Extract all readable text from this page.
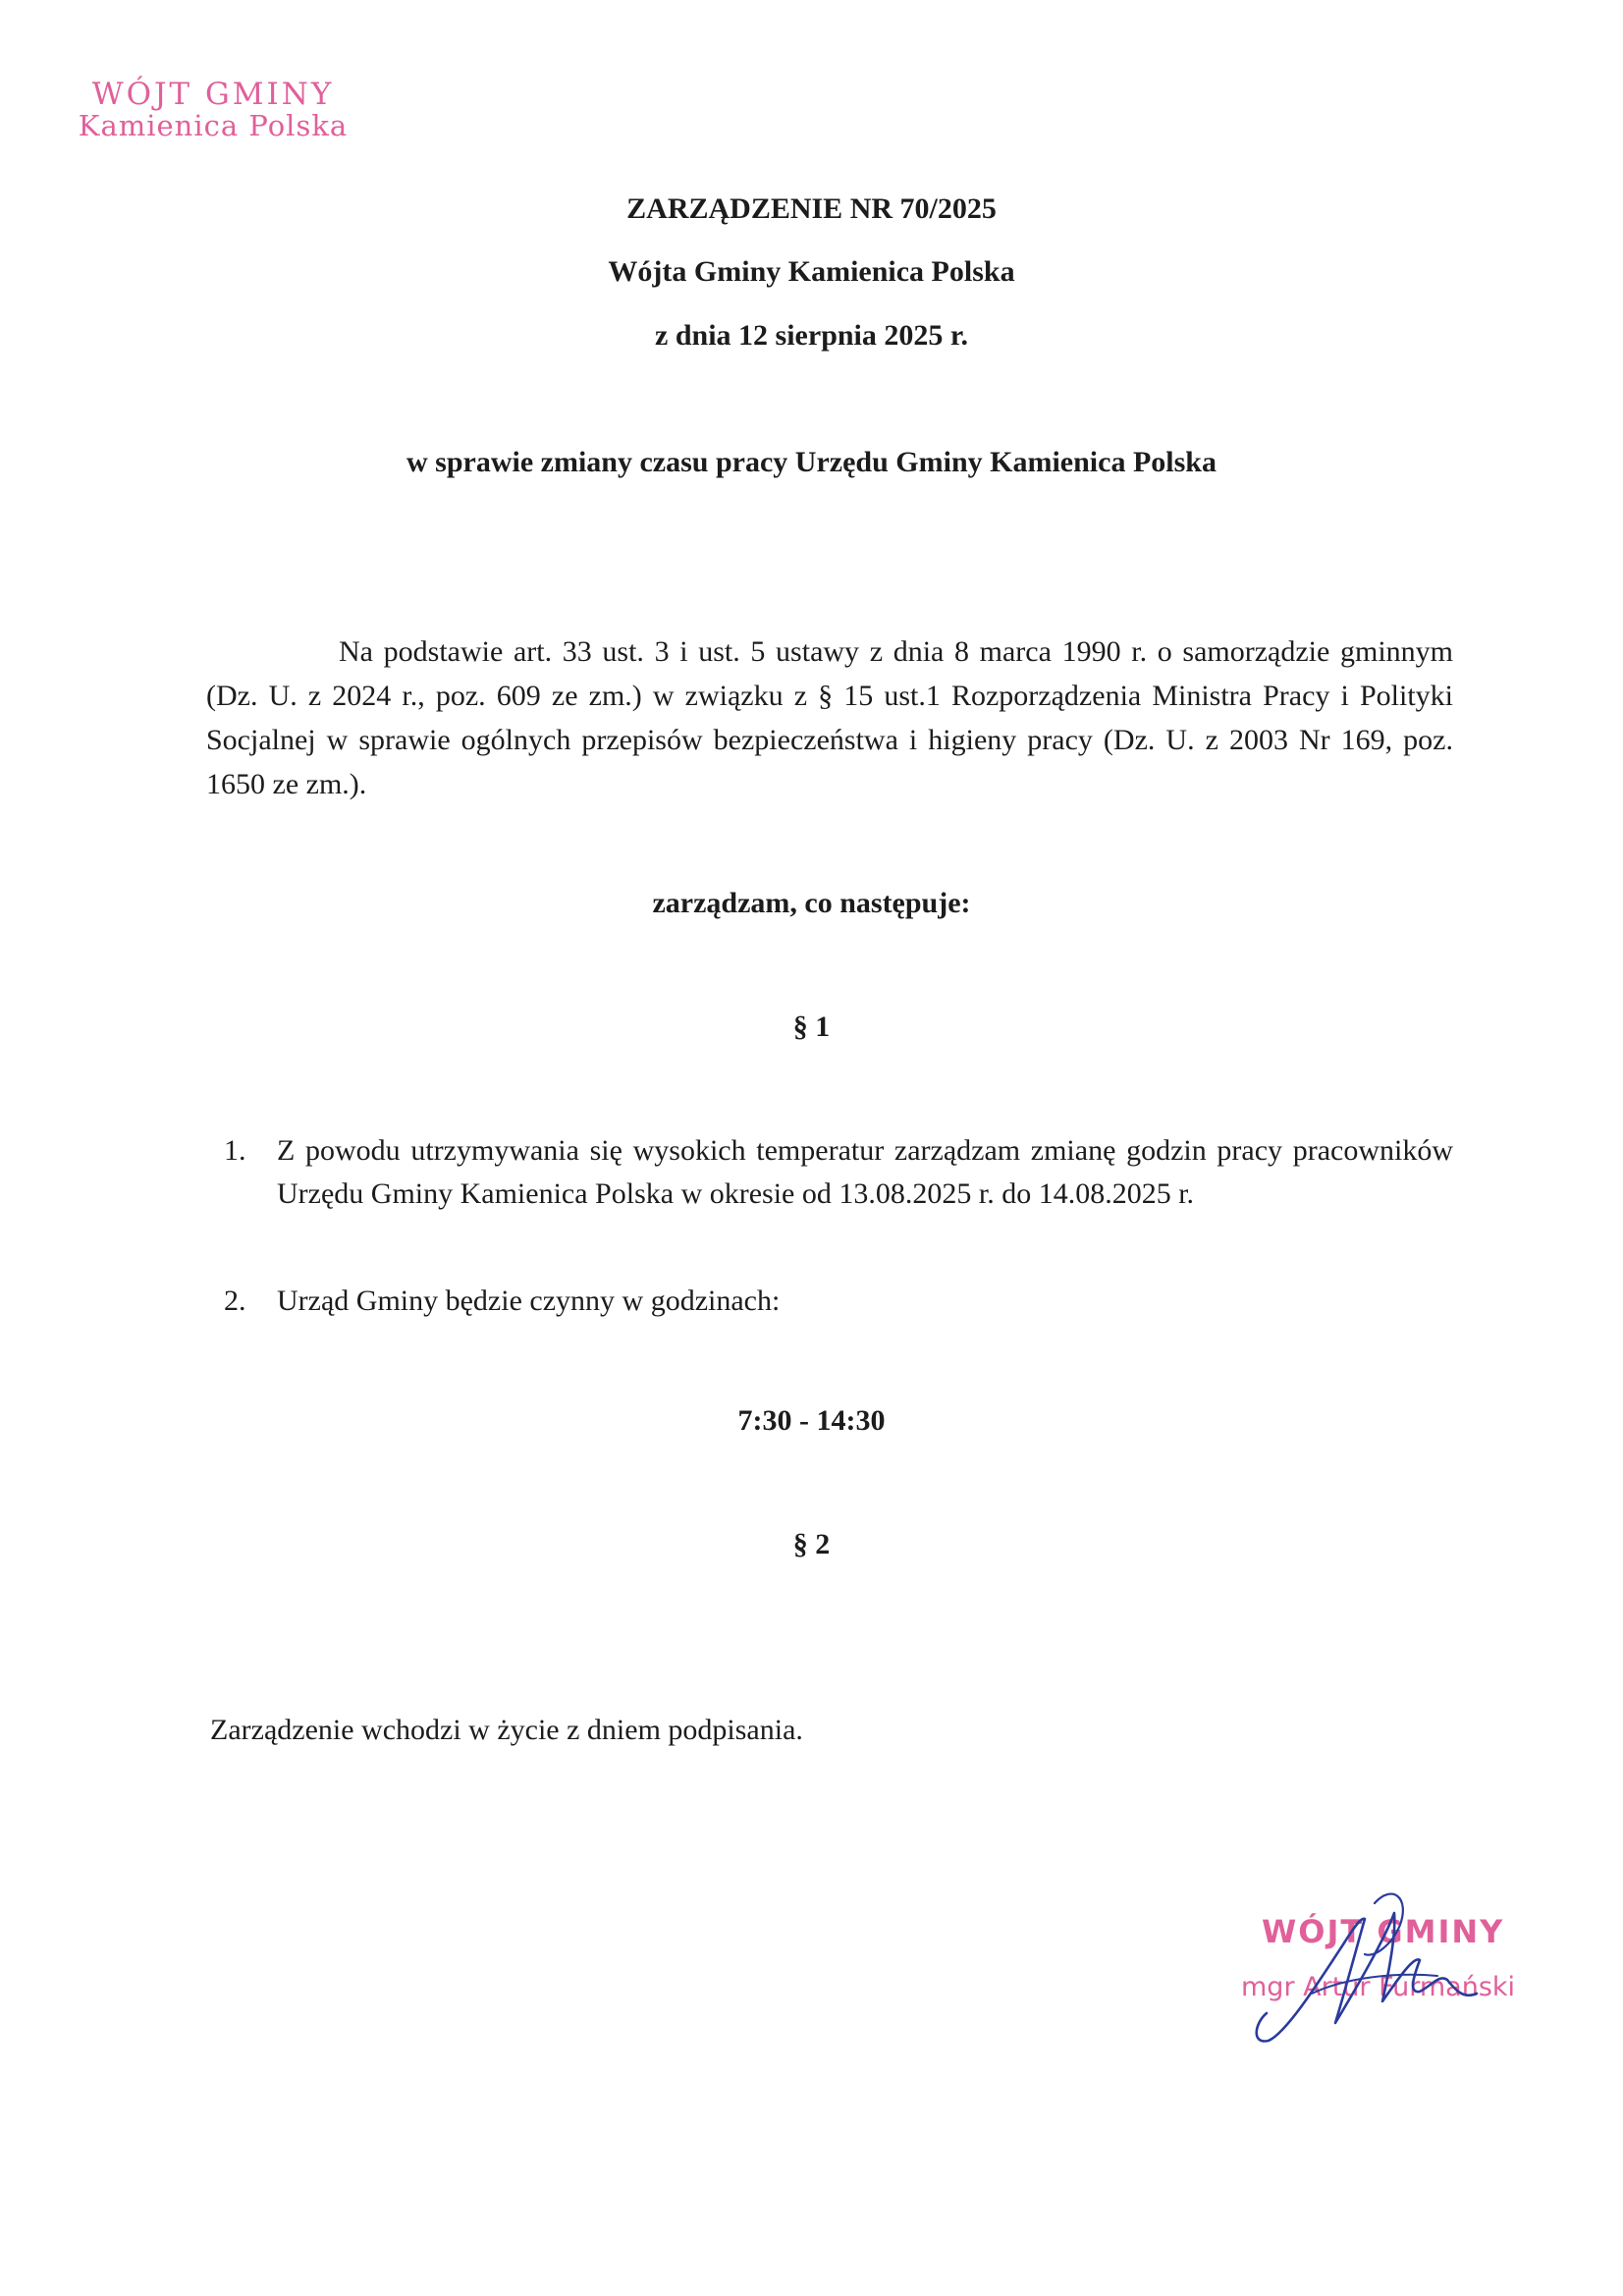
WÓJT GMINY
Kamienica Polska
ZARZĄDZENIE NR 70/2025
Wójta Gminy Kamienica Polska
z dnia 12 sierpnia 2025 r.
w sprawie zmiany czasu pracy Urzędu Gminy Kamienica Polska
Na podstawie art. 33 ust. 3 i ust. 5 ustawy z dnia 8 marca 1990 r. o samorządzie gminnym (Dz. U. z 2024 r., poz. 609 ze zm.) w związku z § 15 ust.1 Rozporządzenia Ministra Pracy i Polityki Socjalnej w sprawie ogólnych przepisów bezpieczeństwa i higieny pracy (Dz. U. z 2003 Nr 169, poz. 1650 ze zm.).
zarządzam, co następuje:
§ 1
1. Z powodu utrzymywania się wysokich temperatur zarządzam zmianę godzin pracy pracowników Urzędu Gminy Kamienica Polska w okresie od 13.08.2025 r. do 14.08.2025 r.
2. Urząd Gminy będzie czynny w godzinach:
7:30 - 14:30
§ 2
Zarządzenie wchodzi w życie z dniem podpisania.
WÓJT GMINY
mgr Artur Furmański
